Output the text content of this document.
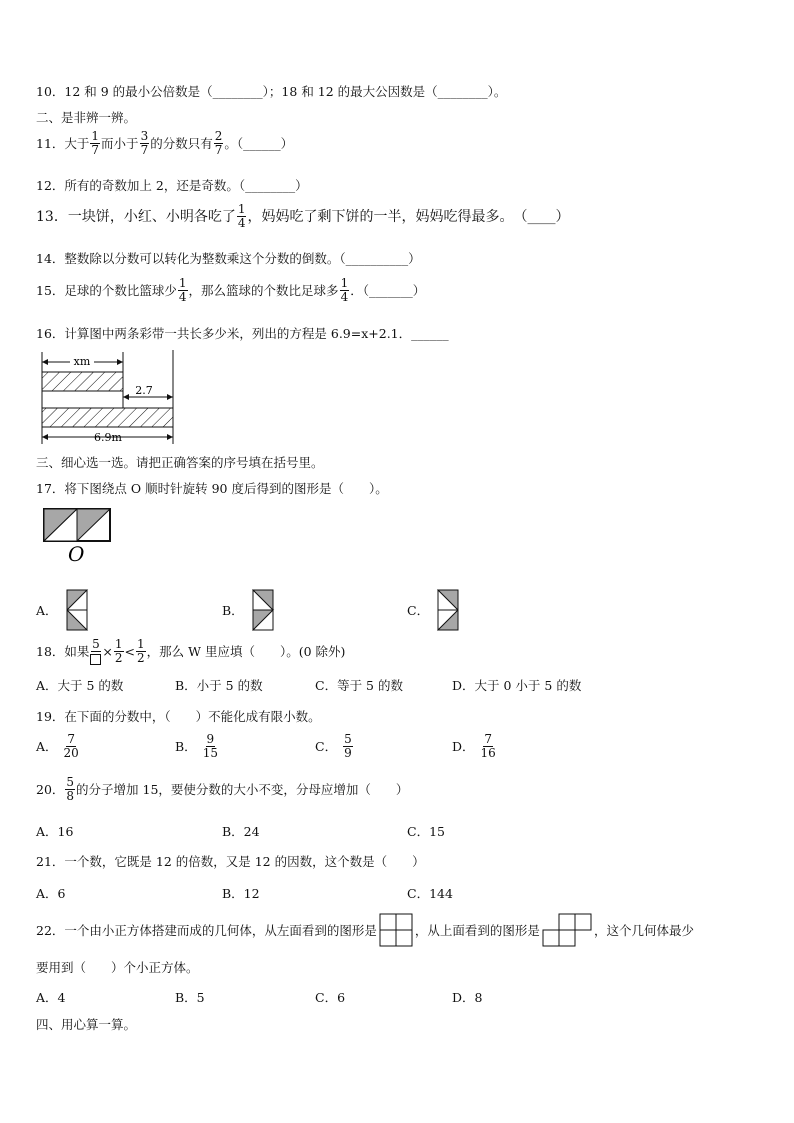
10．12 和 9 的最小公倍数是（________）；18 和 12 的最大公因数是（________）。
二、是非辨一辨。
11．大于 $\frac{1}{7}$ 而小于 $\frac{3}{7}$ 的分数只有 $\frac{2}{7}$ 。（______）
12．所有的奇数加上 2，还是奇数。（________）
13．一块饼，小红、小明各吃了 $\frac{1}{4}$ ，妈妈吃了剩下饼的一半，妈妈吃得最多。　（____）
14．整数除以分数可以转化为整数乘这个分数的倒数。（__________）
15．足球的个数比篮球少 $\frac{1}{4}$ ，那么篮球的个数比足球多 $\frac{1}{4}$ ．（_______）
16．计算图中两条彩带一共长多少米，列出的方程是 6.9=x+2.1．______
xm
2.7
6.9m
三、细心选一选。请把正确答案的序号填在括号里。
17．将下图绕点 O 顺时针旋转 90 度后得到的图形是（　　）。
O
A．	B．	C．
18．如果
$5 \times \frac{1}{2} < \frac{1}{2}$ ，那么 W 里应填（　　）。(0 除外)
A．大于 5 的数	B．小于 5 的数	C．等于 5 的数	D．大于 0 小于 5 的数
19．在下面的分数中，（　　）不能化成有限小数。
A． $\frac{7}{20}$	B． $\frac{9}{15}$	C． $\frac{5}{9}$	D． $\frac{7}{16}$
20． $\frac{5}{8}$ 的分子增加 15，要使分数的大小不变，分母应增加（　　）
A．16	B．24	C．15
21．一个数，它既是 12 的倍数，又是 12 的因数，这个数是（　　）
A．6	B．12	C．144
22．一个由小正方体搭建而成的几何体，从左面看到的图形是	，从上面看到的图形是	，这个几何体最少
要用到（　　）个小正方体。
A．4	B．5	C．6	D．8
四、用心算一算。
